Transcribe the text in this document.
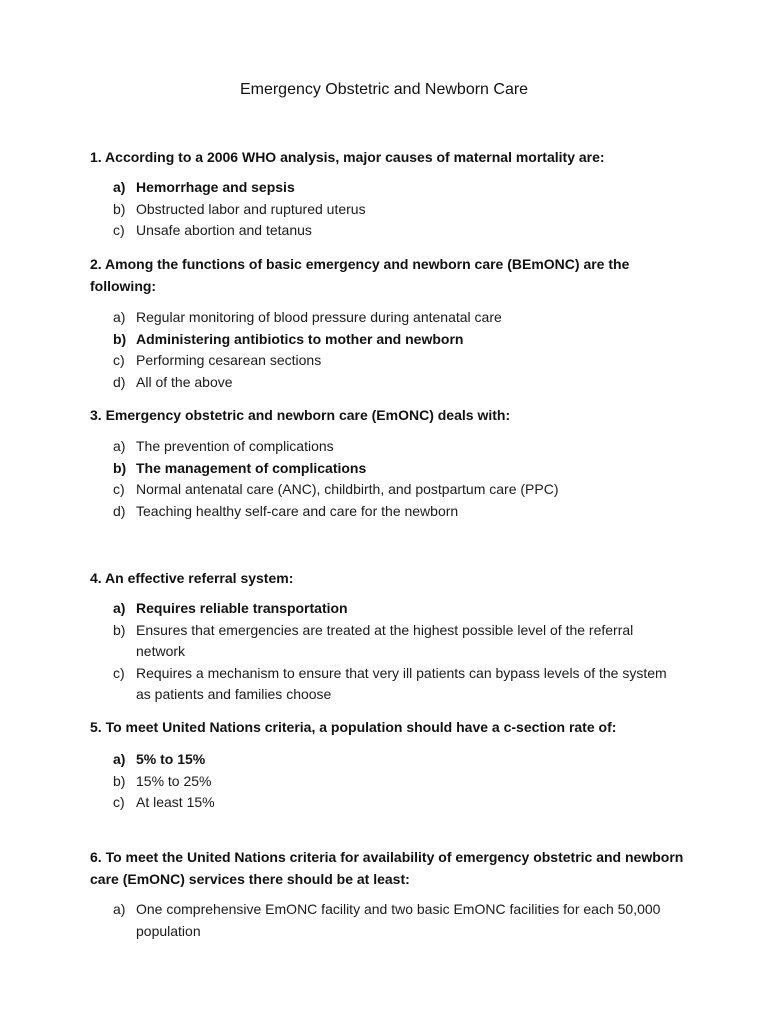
Emergency Obstetric and Newborn Care
1. According to a 2006 WHO analysis, major causes of maternal mortality are:
a) Hemorrhage and sepsis
b) Obstructed labor and ruptured uterus
c) Unsafe abortion and tetanus
2. Among the functions of basic emergency and newborn care (BEmONC) are the following:
a) Regular monitoring of blood pressure during antenatal care
b) Administering antibiotics to mother and newborn
c) Performing cesarean sections
d) All of the above
3. Emergency obstetric and newborn care (EmONC) deals with:
a) The prevention of complications
b) The management of complications
c) Normal antenatal care (ANC), childbirth, and postpartum care (PPC)
d) Teaching healthy self-care and care for the newborn
4. An effective referral system:
a) Requires reliable transportation
b) Ensures that emergencies are treated at the highest possible level of the referral network
c) Requires a mechanism to ensure that very ill patients can bypass levels of the system as patients and families choose
5. To meet United Nations criteria, a population should have a c-section rate of:
a) 5% to 15%
b) 15% to 25%
c) At least 15%
6. To meet the United Nations criteria for availability of emergency obstetric and newborn care (EmONC) services there should be at least:
a) One comprehensive EmONC facility and two basic EmONC facilities for each 50,000 population
